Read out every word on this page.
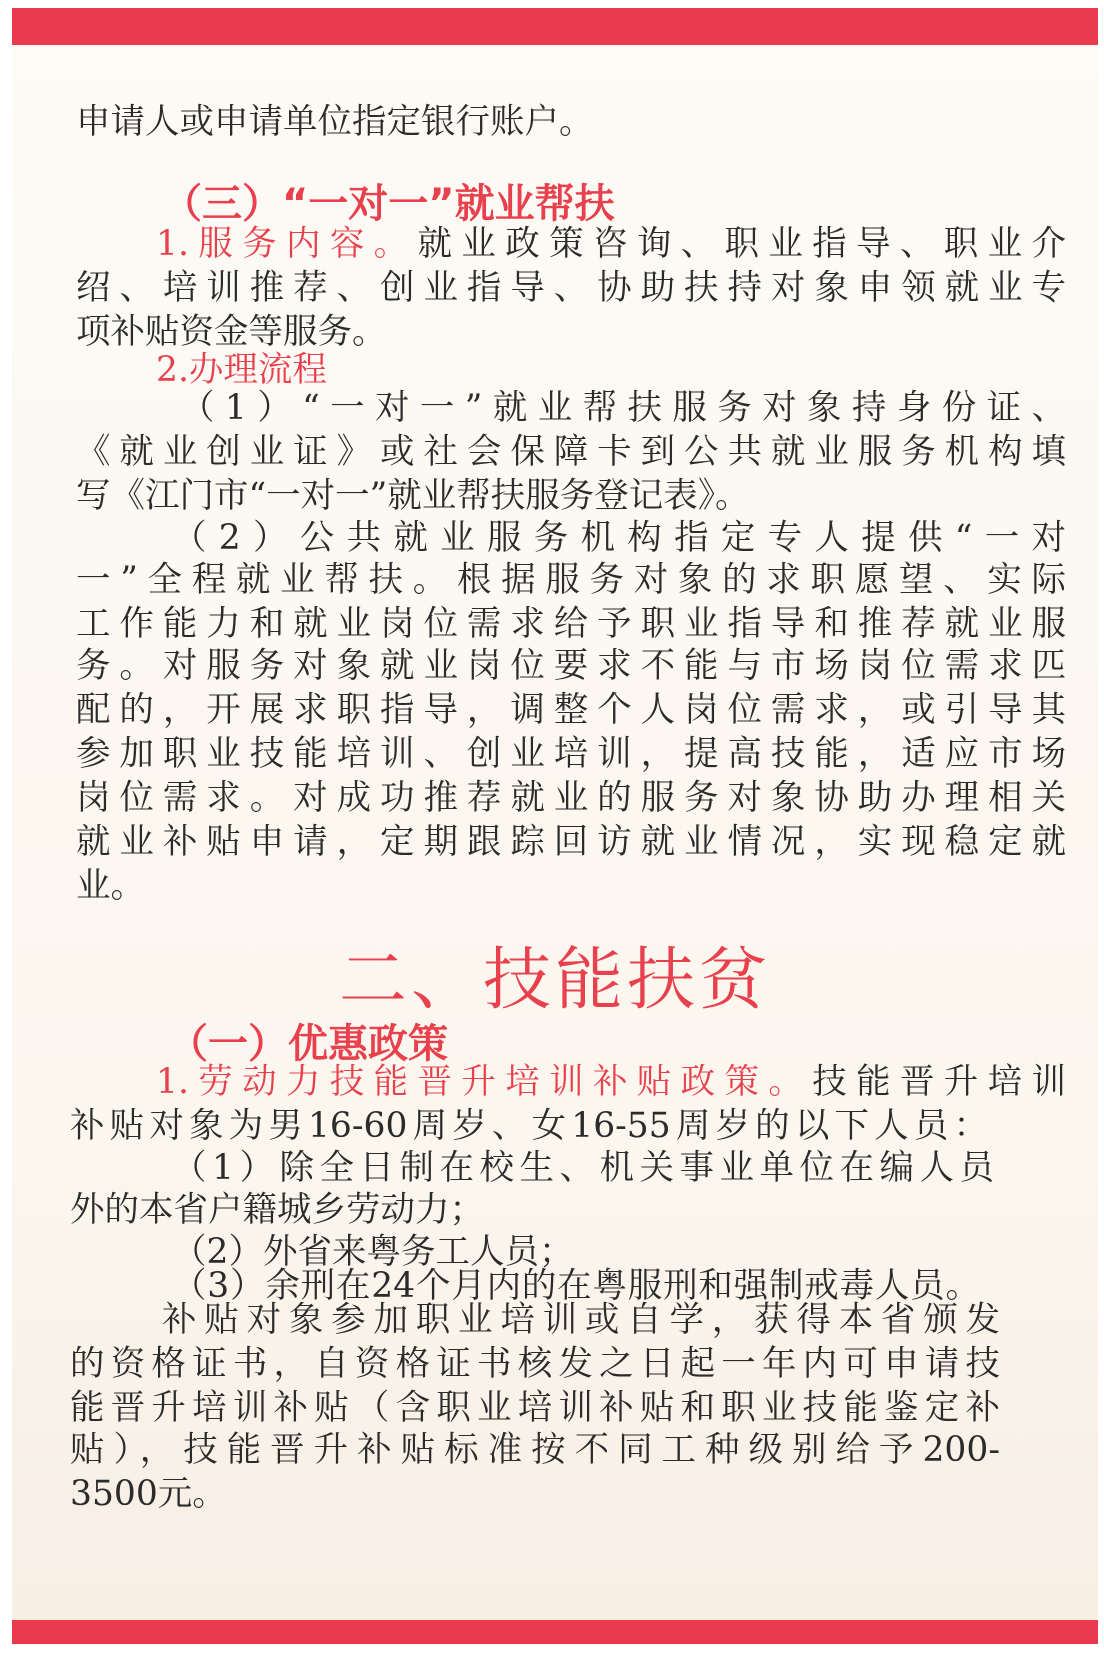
申请人或申请单位指定银行账户。
（三）“一对一”就业帮扶
1.服务内容。就业政策咨询、职业指导、职业介
绍、培训推荐、创业指导、协助扶持对象申领就业专
项补贴资金等服务。
2.办理流程
（1）“一对一”就业帮扶服务对象持身份证、
《就业创业证》或社会保障卡到公共就业服务机构填
写《江门市“一对一”就业帮扶服务登记表》。
（2）公共就业服务机构指定专人提供“一对
一”全程就业帮扶。根据服务对象的求职愿望、实际
工作能力和就业岗位需求给予职业指导和推荐就业服
务。对服务对象就业岗位要求不能与市场岗位需求匹
配的，开展求职指导，调整个人岗位需求，或引导其
参加职业技能培训、创业培训，提高技能，适应市场
岗位需求。对成功推荐就业的服务对象协助办理相关
就业补贴申请，定期跟踪回访就业情况，实现稳定就
业。
二、技能扶贫
（一）优惠政策
1.劳动力技能晋升培训补贴政策。技能晋升培训
补贴对象为男16-60周岁、女16-55周岁的以下人员：
（1）除全日制在校生、机关事业单位在编人员
外的本省户籍城乡劳动力；
（2）外省来粤务工人员；
（3）余刑在24个月内的在粤服刑和强制戒毒人员。
补贴对象参加职业培训或自学，获得本省颁发
的资格证书，自资格证书核发之日起一年内可申请技
能晋升培训补贴（含职业培训补贴和职业技能鉴定补
贴），技能晋升补贴标准按不同工种级别给予200-
3500元。
